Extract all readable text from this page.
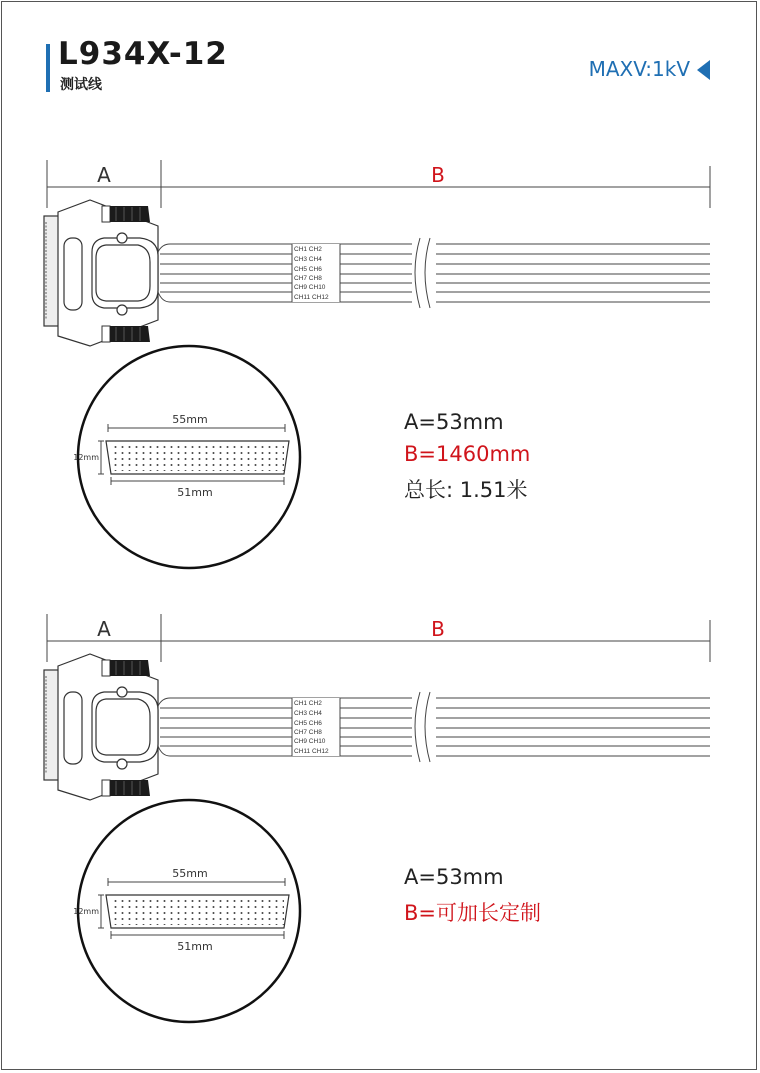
L934X-12
测试线
MAXV:1kV
A	B
CH1 CH2
CH3 CH4
CH5 CH6
CH7 CH8
CH9 CH10
CH11 CH12
55mm
12mm
51mm
A	B
CH1 CH2
CH3 CH4
CH5 CH6
CH7 CH8
CH9 CH10
CH11 CH12
55mm
12mm
51mm
A=53mm
B=1460mm
总长: 1.51米
A=53mm
B=可加长定制
